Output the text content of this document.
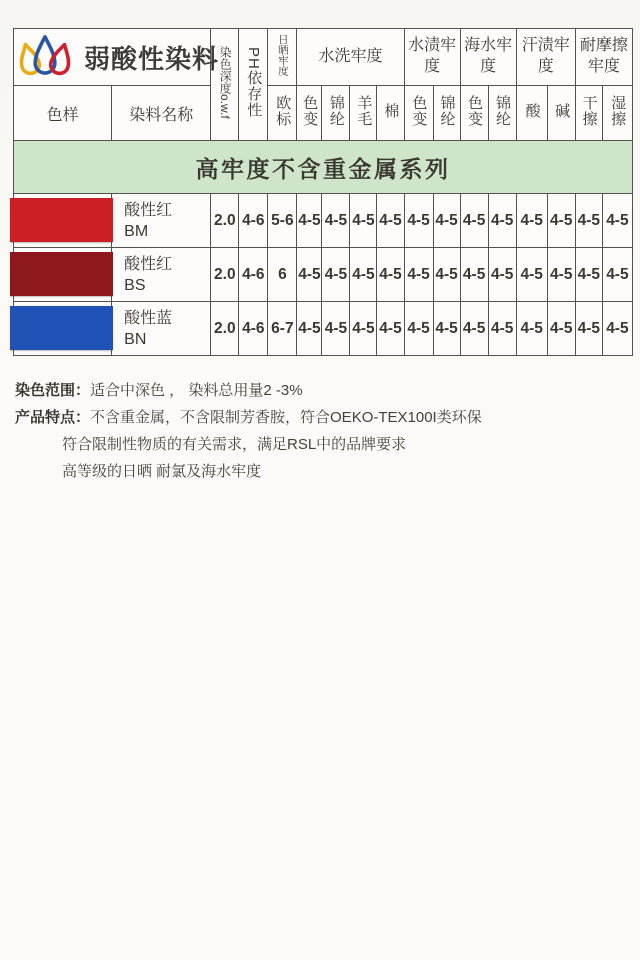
弱酸性染料		染色深度o.w.f	PH依存性	日晒牢度	水洗牢度				水渍牢度		海水牢度		汗渍牢度		耐摩擦牢度	
色样	染料名称			欧标	色变	锦纶	羊毛	棉	色变	锦纶	色变	锦纶	酸	碱	干擦	湿擦
高牢度不含重金属系列																

	酸性红
BM	2.0	4-6	5-6	4-5	4-5	4-5	4-5	4-5	4-5	4-5	4-5	4-5	4-5	4-5	4-5

	酸性红
BS	2.0	4-6	6	4-5	4-5	4-5	4-5	4-5	4-5	4-5	4-5	4-5	4-5	4-5	4-5

	酸性蓝
BN	2.0	4-6	6-7	4-5	4-5	4-5	4-5	4-5	4-5	4-5	4-5	4-5	4-5	4-5	4-5

染色范围：适合中深色 ， 染料总用量2 -3%

产品特点：不含重金属，不含限制芳香胺，符合OEKO-TEX100I类环保

符合限制性物质的有关需求，满足RSL中的品牌要求

高等级的日晒 耐氯及海水牢度
